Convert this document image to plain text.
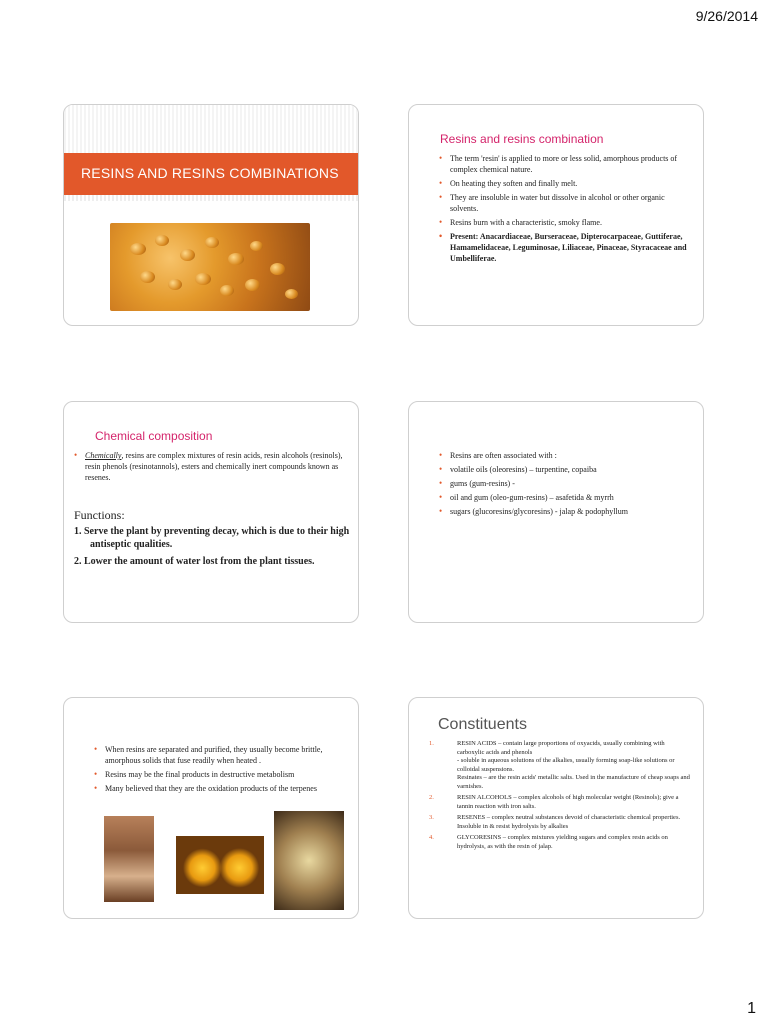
9/26/2014
RESINS AND RESINS COMBINATIONS
Resins and resins combination
• The term 'resin' is applied to more or less solid, amorphous products of complex chemical nature.
• On heating they soften and finally melt.
• They are insoluble in water but dissolve in alcohol or other organic solvents.
• Resins burn with a characteristic, smoky flame.
• Present: Anacardiaceae, Burseraceae, Dipterocarpaceae, Guttiferae, Hamamelidaceae, Leguminosae, Liliaceae, Pinaceae, Styracaceae and Umbelliferae.
Chemical composition
• Chemically, resins are complex mixtures of resin acids, resin alcohols (resinols), resin phenols (resinotannols), esters and chemically inert compounds known as resenes.
Functions:
1. Serve the plant by preventing decay, which is due to their high antiseptic qualities.
2. Lower the amount of water lost from the plant tissues.
• Resins are often associated with :
• volatile oils (oleoresins) – turpentine, copaiba
• gums (gum-resins) -
• oil and gum (oleo-gum-resins) – asafetida & myrrh
• sugars (glucoresins/glycoresins) - jalap & podophyllum
• When resins are separated and purified, they usually become brittle, amorphous solids that fuse readily when heated .
• Resins may be the final products in destructive metabolism
• Many believed that they are the oxidation products of the terpenes
Constituents
1.	RESIN ACIDS – contain large proportions of oxyacids, usually combining with carboxylic acids and phenols
- soluble in aqueous solutions of the alkalies, usually forming soap-like solutions or colloidal suspensions.
Resinates – are the resin acids' metallic salts. Used in the manufacture of cheap soaps and varnishes.
2.	RESIN ALCOHOLS – complex alcohols of high molecular weight (Resinols); give a tannin reaction with iron salts.
3.	RESENES – complex neutral substances devoid of characteristic chemical properties. Insoluble in & resist hydrolysis by alkalies
4.	GLYCORESINS – complex mixtures yielding sugars and complex resin acids on hydrolysis, as with the resin of jalap.
1
